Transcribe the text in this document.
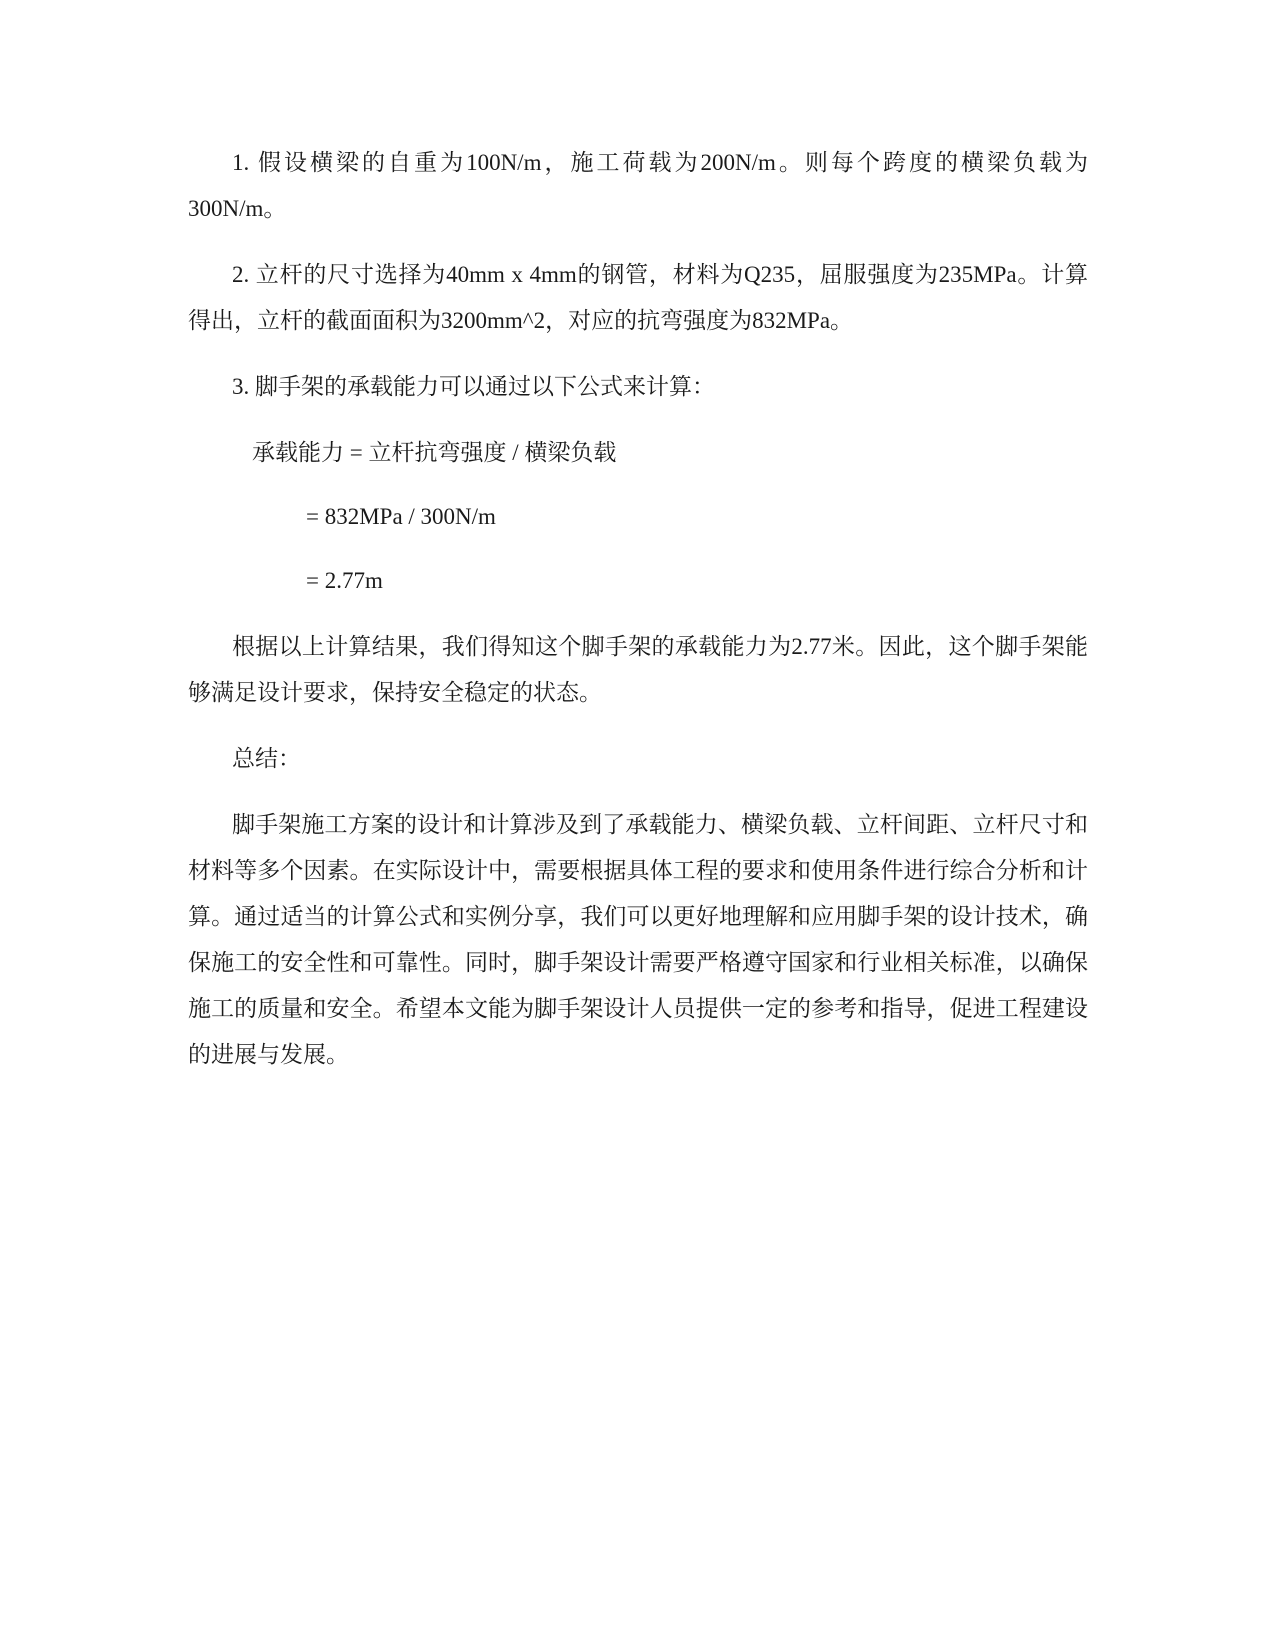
1. 假设横梁的自重为100N/m，施工荷载为200N/m。则每个跨度的横梁负载为300N/m。

2. 立杆的尺寸选择为40mm x 4mm的钢管，材料为Q235，屈服强度为235MPa。计算得出，立杆的截面面积为3200mm^2，对应的抗弯强度为832MPa。

3. 脚手架的承载能力可以通过以下公式来计算：

承载能力 = 立杆抗弯强度 / 横梁负载

= 832MPa / 300N/m

= 2.77m

根据以上计算结果，我们得知这个脚手架的承载能力为2.77米。因此，这个脚手架能够满足设计要求，保持安全稳定的状态。

总结：

脚手架施工方案的设计和计算涉及到了承载能力、横梁负载、立杆间距、立杆尺寸和材料等多个因素。在实际设计中，需要根据具体工程的要求和使用条件进行综合分析和计算。通过适当的计算公式和实例分享，我们可以更好地理解和应用脚手架的设计技术，确保施工的安全性和可靠性。同时，脚手架设计需要严格遵守国家和行业相关标准，以确保施工的质量和安全。希望本文能为脚手架设计人员提供一定的参考和指导，促进工程建设的进展与发展。
